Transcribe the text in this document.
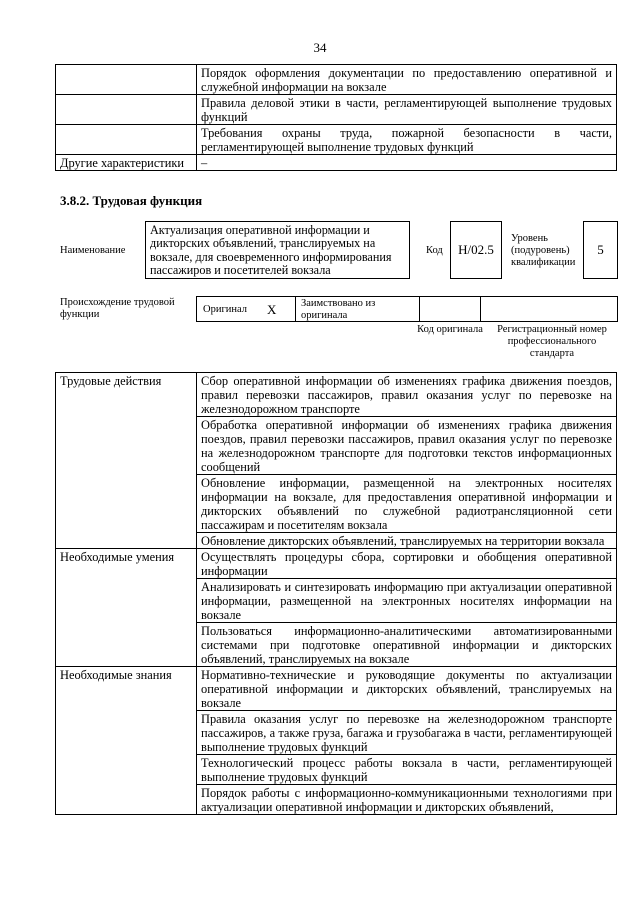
34
	Порядок оформления документации по предоставлению оперативной и служебной информации на вокзале
	Правила деловой этики в части, регламентирующей выполнение трудовых функций
	Требования охраны труда, пожарной безопасности в части, регламентирующей выполнение трудовых функций
Другие характеристики	–
3.8.2. Трудовая функция
Наименование
Актуализация оперативной информации и дикторских объявлений, транслируемых на вокзале, для своевременного информирования пассажиров и посетителей вокзала
Код	Н/02.5
Уровень (подуровень) квалификации
5
Происхождение трудовой функции	Оригинал X Заимствовано из оригинала
Код оригинала	Регистрационный номер профессионального стандарта
Трудовые действия	Сбор оперативной информации об изменениях графика движения поездов, правил перевозки пассажиров, правил оказания услуг по перевозке на железнодорожном транспорте
	Обработка оперативной информации об изменениях графика движения поездов, правил перевозки пассажиров, правил оказания услуг по перевозке на железнодорожном транспорте для подготовки текстов информационных сообщений
	Обновление информации, размещенной на электронных носителях информации на вокзале, для предоставления оперативной информации и дикторских объявлений по служебной радиотрансляционной сети пассажирам и посетителям вокзала
	Обновление дикторских объявлений, транслируемых на территории вокзала
Необходимые умения	Осуществлять процедуры сбора, сортировки и обобщения оперативной информации
	Анализировать и синтезировать информацию при актуализации оперативной информации, размещенной на электронных носителях информации на вокзале
	Пользоваться информационно-аналитическими автоматизированными системами при подготовке оперативной информации и дикторских объявлений, транслируемых на вокзале
Необходимые знания	Нормативно-технические и руководящие документы по актуализации оперативной информации и дикторских объявлений, транслируемых на вокзале
	Правила оказания услуг по перевозке на железнодорожном транспорте пассажиров, а также груза, багажа и грузобагажа в части, регламентирующей выполнение трудовых функций
	Технологический процесс работы вокзала в части, регламентирующей выполнение трудовых функций
	Порядок работы с информационно-коммуникационными технологиями при актуализации оперативной информации и дикторских объявлений,
